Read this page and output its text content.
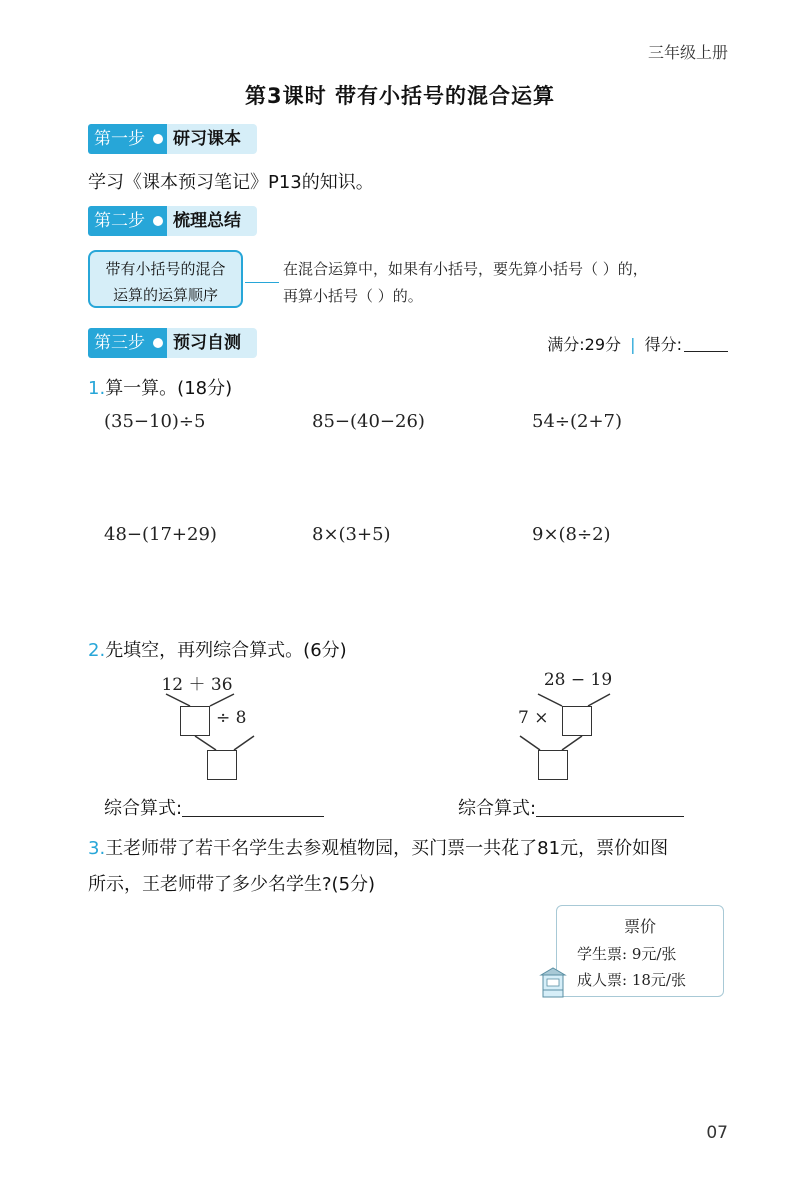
三年级上册
第3课时 带有小括号的混合运算
第一步	研习课本
学习《课本预习笔记》P13的知识。
第二步	梳理总结
带有小括号的混合
运算的运算顺序
在混合运算中，如果有小括号，要先算小括号（ ）的，
再算小括号（ ）的。
第三步	预习自测	满分:29分 | 得分:
1.算一算。(18分)
(35−10)÷5	85−(40−26)	54÷(2+7)
48−(17+29)	8×(3+5)	9×(8÷2)
2.先填空，再列综合算式。(6分)
12 ＋ 36
÷ 8
28 − 19
7 ×
综合算式:	综合算式:
3.王老师带了若干名学生去参观植物园，买门票一共花了81元，票价如图
所示，王老师带了多少名学生?(5分)
票价
学生票: 9元/张
成人票: 18元/张
07
